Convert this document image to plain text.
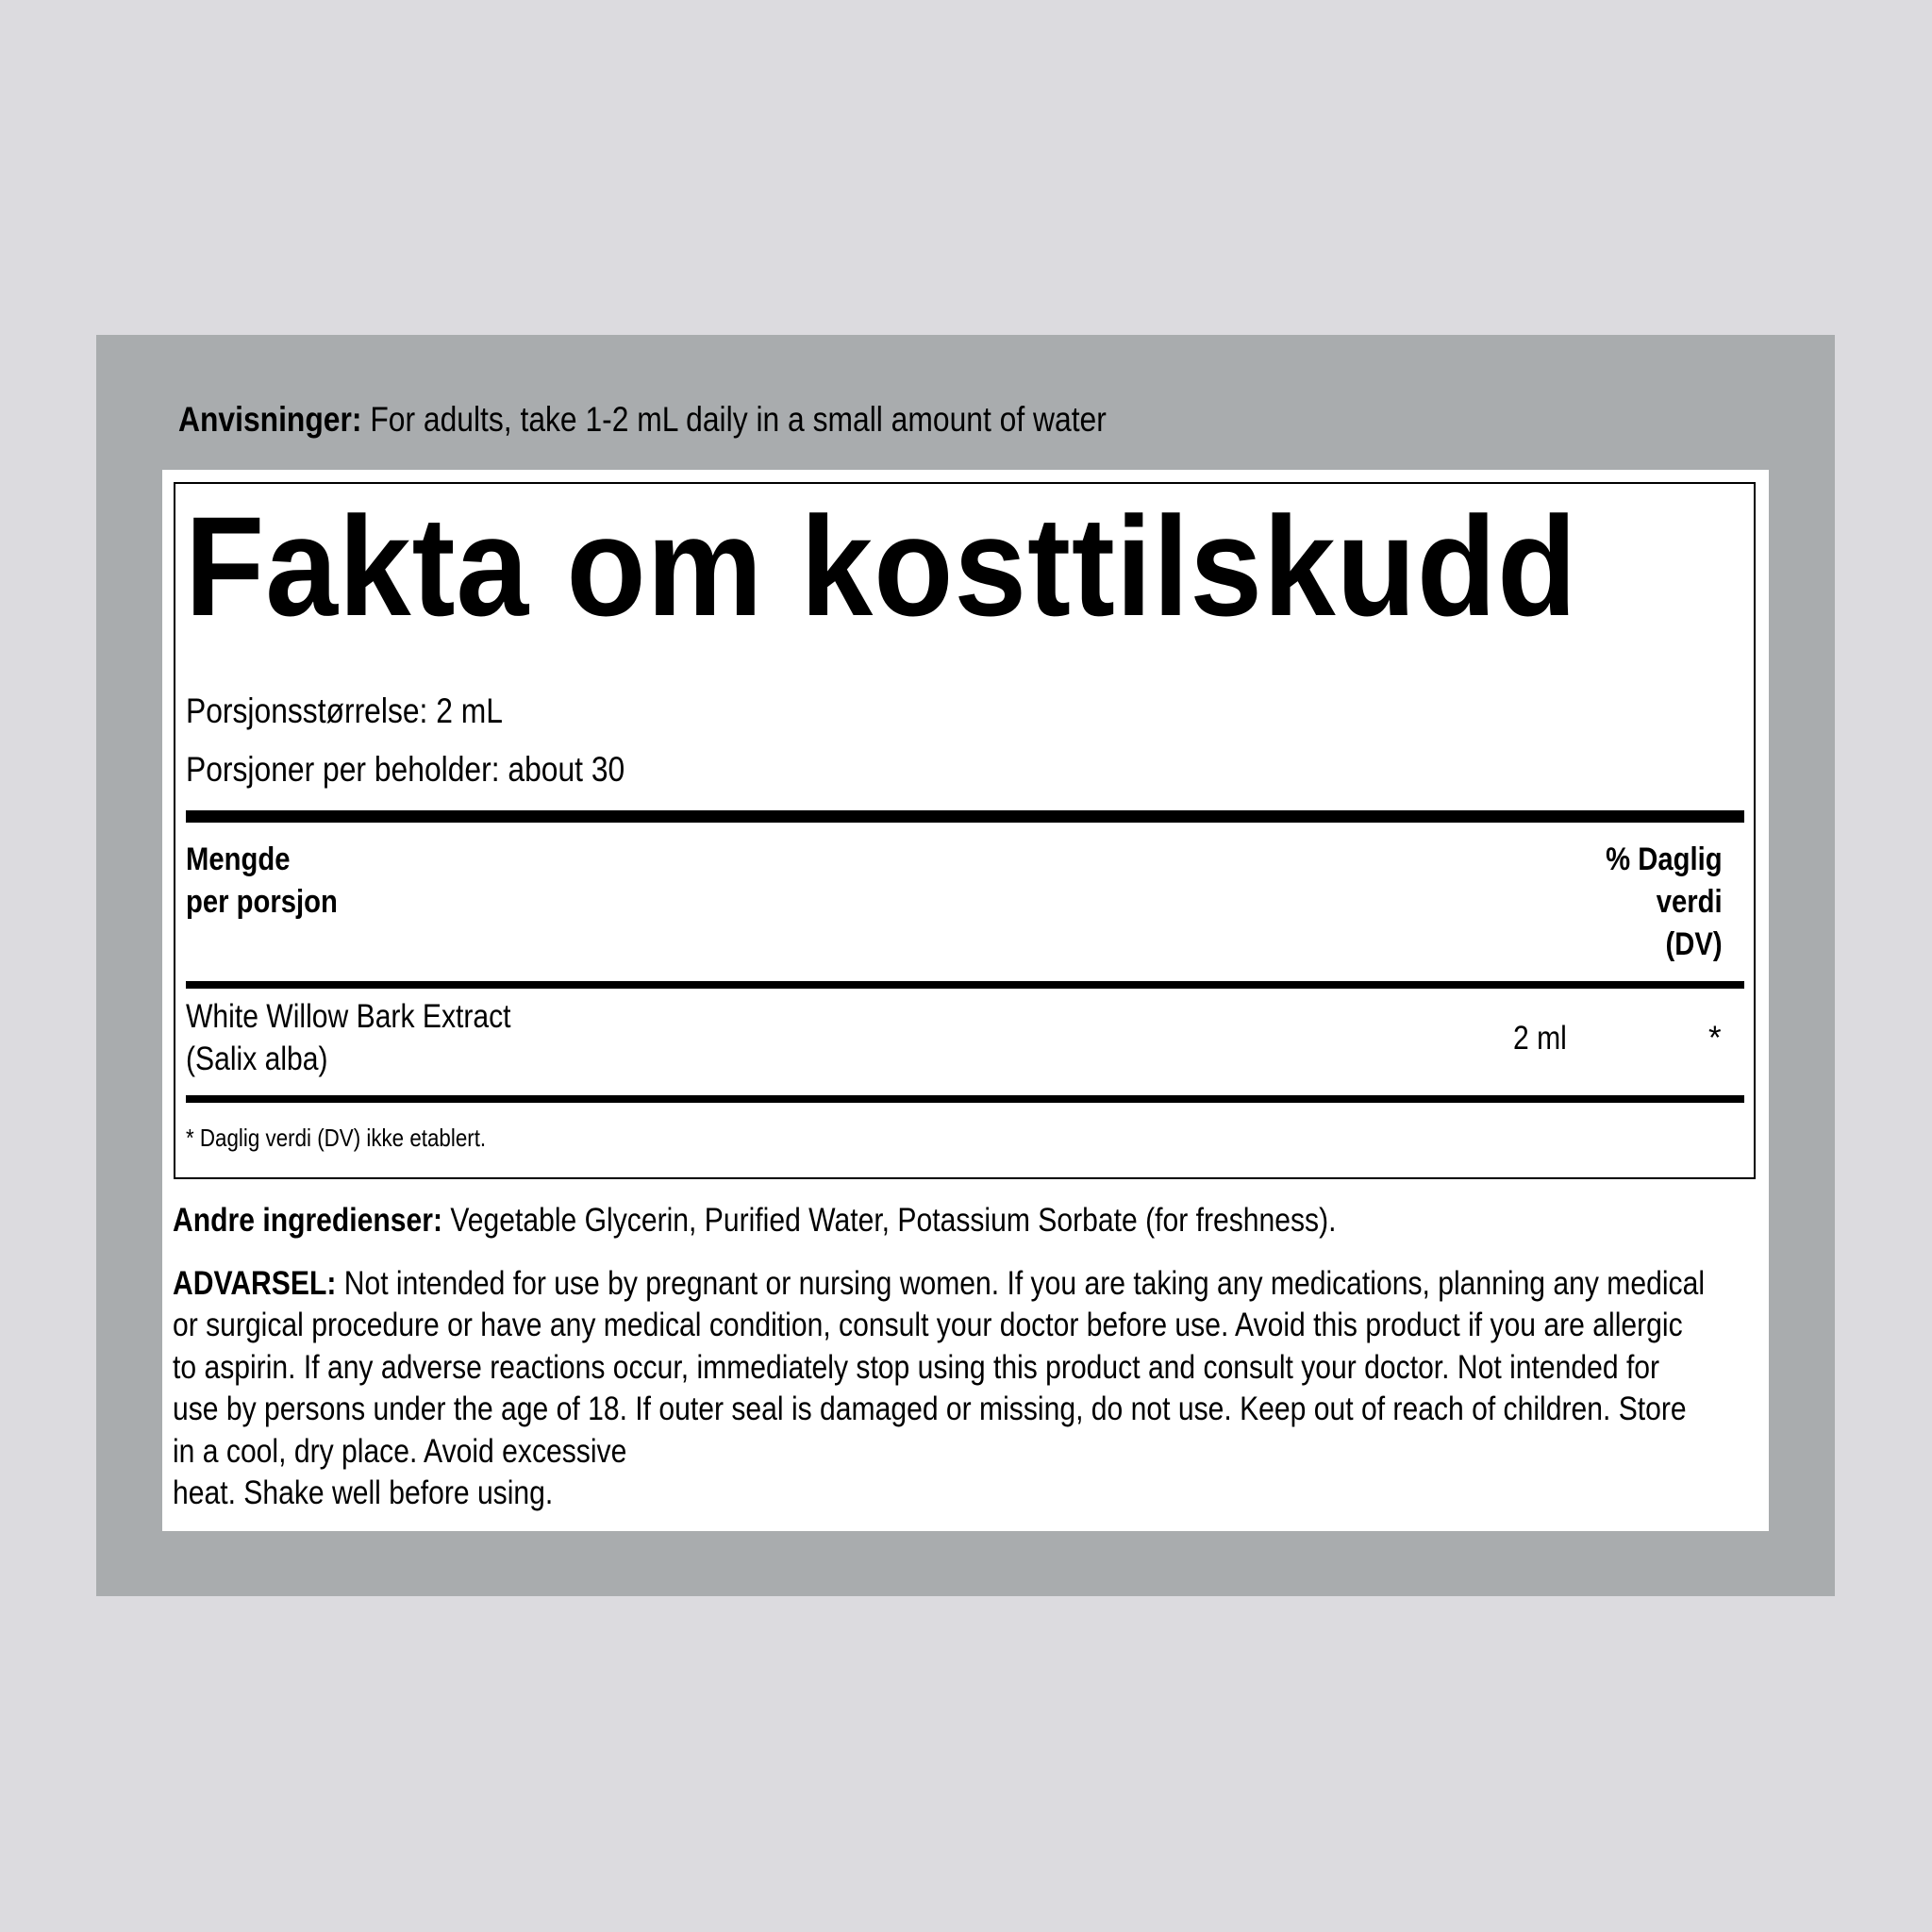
Anvisninger: For adults, take 1-2 mL daily in a small amount of water
Fakta om kosttilskudd
Porsjonsstørrelse: 2 mL
Porsjoner per beholder: about 30
Mengde
per porsjon
% Daglig
verdi
(DV)
White Willow Bark Extract
(Salix alba)
2 ml	*
* Daglig verdi (DV) ikke etablert.
Andre ingredienser: Vegetable Glycerin, Purified Water, Potassium Sorbate (for freshness).
ADVARSEL: Not intended for use by pregnant or nursing women. If you are taking any medications, planning any medical
or surgical procedure or have any medical condition, consult your doctor before use. Avoid this product if you are allergic
to aspirin. If any adverse reactions occur, immediately stop using this product and consult your doctor. Not intended for
use by persons under the age of 18. If outer seal is damaged or missing, do not use. Keep out of reach of children. Store
in a cool, dry place. Avoid excessive
heat. Shake well before using.
